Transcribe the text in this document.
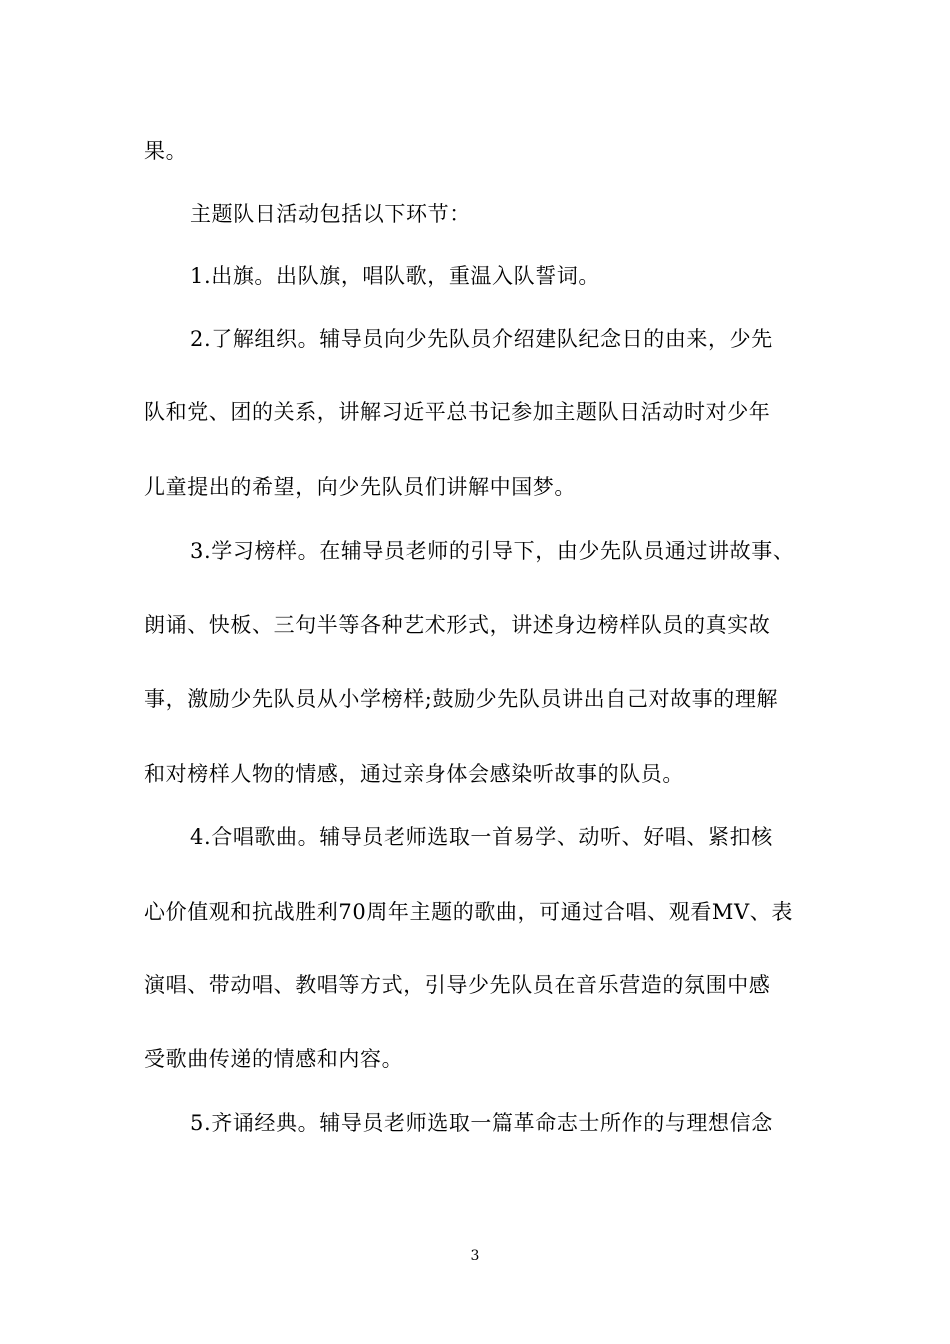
果。
主题队日活动包括以下环节：
1.出旗。出队旗，唱队歌，重温入队誓词。
2.了解组织。辅导员向少先队员介绍建队纪念日的由来，少先
队和党、团的关系，讲解习近平总书记参加主题队日活动时对少年
儿童提出的希望，向少先队员们讲解中国梦。
3.学习榜样。在辅导员老师的引导下，由少先队员通过讲故事、
朗诵、快板、三句半等各种艺术形式，讲述身边榜样队员的真实故
事，激励少先队员从小学榜样;鼓励少先队员讲出自己对故事的理解
和对榜样人物的情感，通过亲身体会感染听故事的队员。
4.合唱歌曲。辅导员老师选取一首易学、动听、好唱、紧扣核
心价值观和抗战胜利70周年主题的歌曲，可通过合唱、观看MV、表
演唱、带动唱、教唱等方式，引导少先队员在音乐营造的氛围中感
受歌曲传递的情感和内容。
5.齐诵经典。辅导员老师选取一篇革命志士所作的与理想信念
3
